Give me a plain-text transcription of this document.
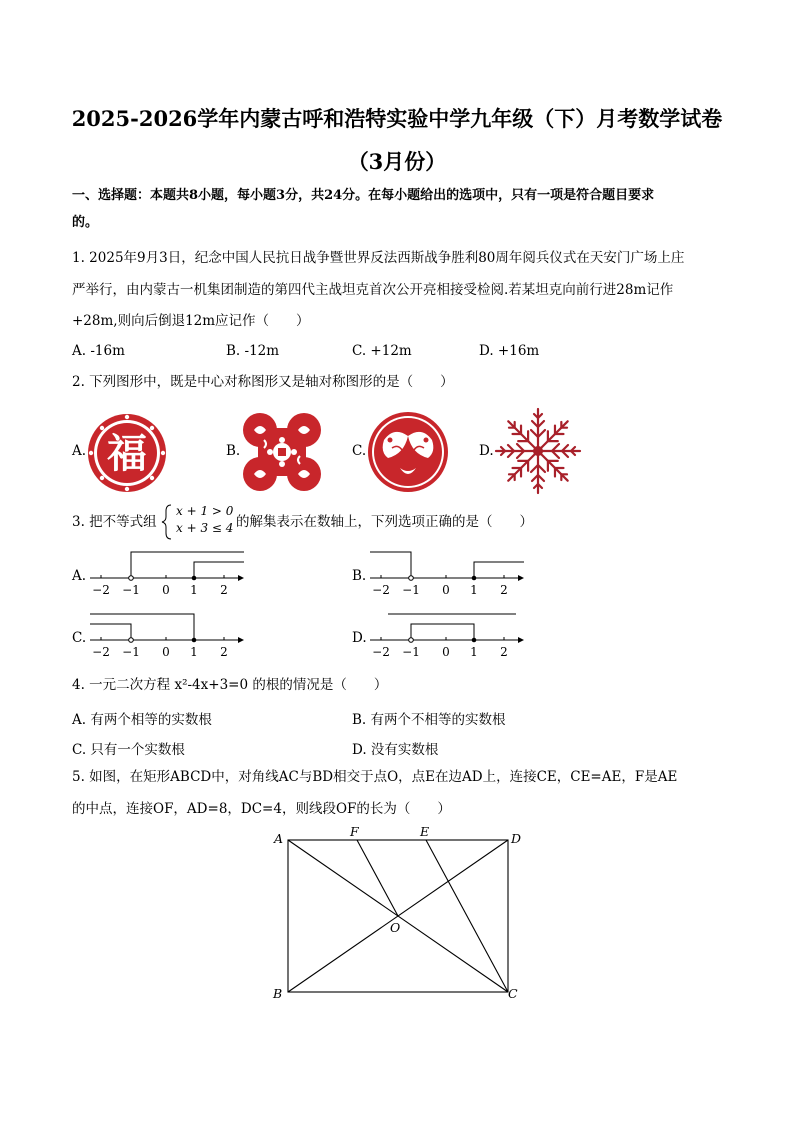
2025-2026学年内蒙古呼和浩特实验中学九年级（下）月考数学试卷
（3月份）
一、选择题：本题共8小题，每小题3分，共24分。在每小题给出的选项中，只有一项是符合题目要求
的。
1. 2025年9月3日，纪念中国人民抗日战争暨世界反法西斯战争胜利80周年阅兵仪式在天安门广场上庄
严举行，由内蒙古一机集团制造的第四代主战坦克首次公开亮相接受检阅.若某坦克向前行进28m记作
+28m,则向后倒退12m应记作（　　）
A. -16m	B. -12m	C. +12m	D. +16m
2. 下列图形中，既是中心对称图形又是轴对称图形的是（　　）
A.	B.	C.	D.
福
3. 把不等式组
x + 1 > 0
x + 3 ≤ 4 的解集表示在数轴上，下列选项正确的是（　　）
A.	B.
C.	D.
−2 −1 0 1 2	−2 −1 0 1 2
−2 −1 0 1 2	−2 −1 0 1 2
4. 一元二次方程 x²-4x+3=0 的根的情况是（　　）
A. 有两个相等的实数根	B. 有两个不相等的实数根
C. 只有一个实数根	D. 没有实数根
5. 如图，在矩形ABCD中，对角线AC与BD相交于点O，点E在边AD上，连接CE，CE=AE，F是AE
的中点，连接OF，AD=8，DC=4，则线段OF的长为（　　）
A	F	E	D
O
B	C
